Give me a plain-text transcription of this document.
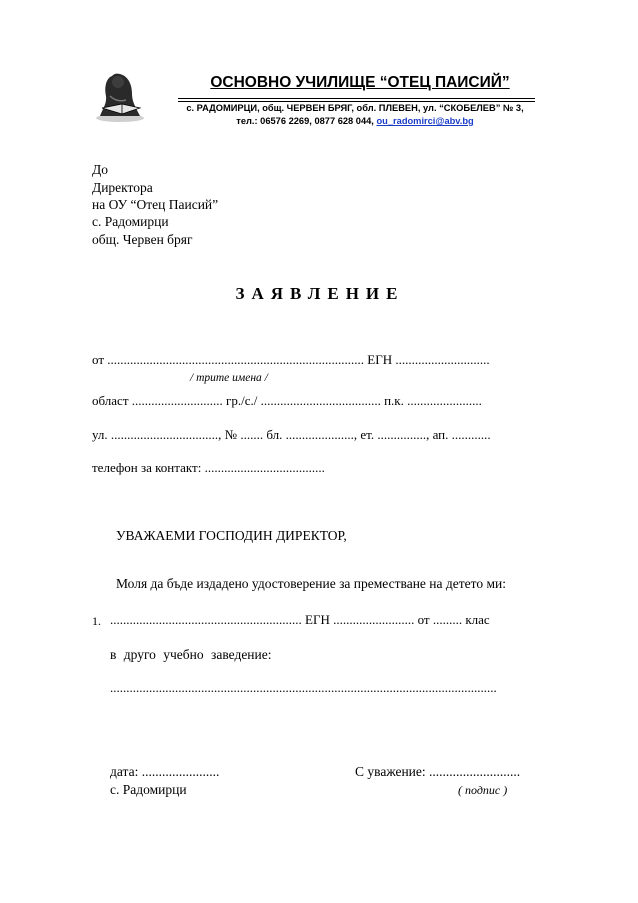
ОСНОВНО УЧИЛИЩЕ “ОТЕЦ ПАИСИЙ”
с. РАДОМИРЦИ, общ. ЧЕРВЕН БРЯГ, обл. ПЛЕВЕН, ул. “СКОБЕЛЕВ” № 3,
тел.: 06576 2269, 0877 628 044, ou_radomirci@abv.bg
До
Директора
на ОУ “Отец Паисий”
с. Радомирци
общ. Червен бряг
ЗАЯВЛЕНИЕ
от ............................................................................... ЕГН .............................
/ трите имена /
област ............................ гр./с./ ..................................... п.к. .......................
ул. ................................., № ....... бл. ....................., ет. ..............., ап. ............
телефон за контакт: .....................................
УВАЖАЕМИ ГОСПОДИН ДИРЕКТОР,
Моля да бъде издадено удостоверение за преместване на детето ми:
1. ........................................................... ЕГН ......................... от ......... клас
в друго учебно заведение:
.......................................................................................................................
дата: .......................
с. Радомирци
С уважение: ...........................
( подпис )
